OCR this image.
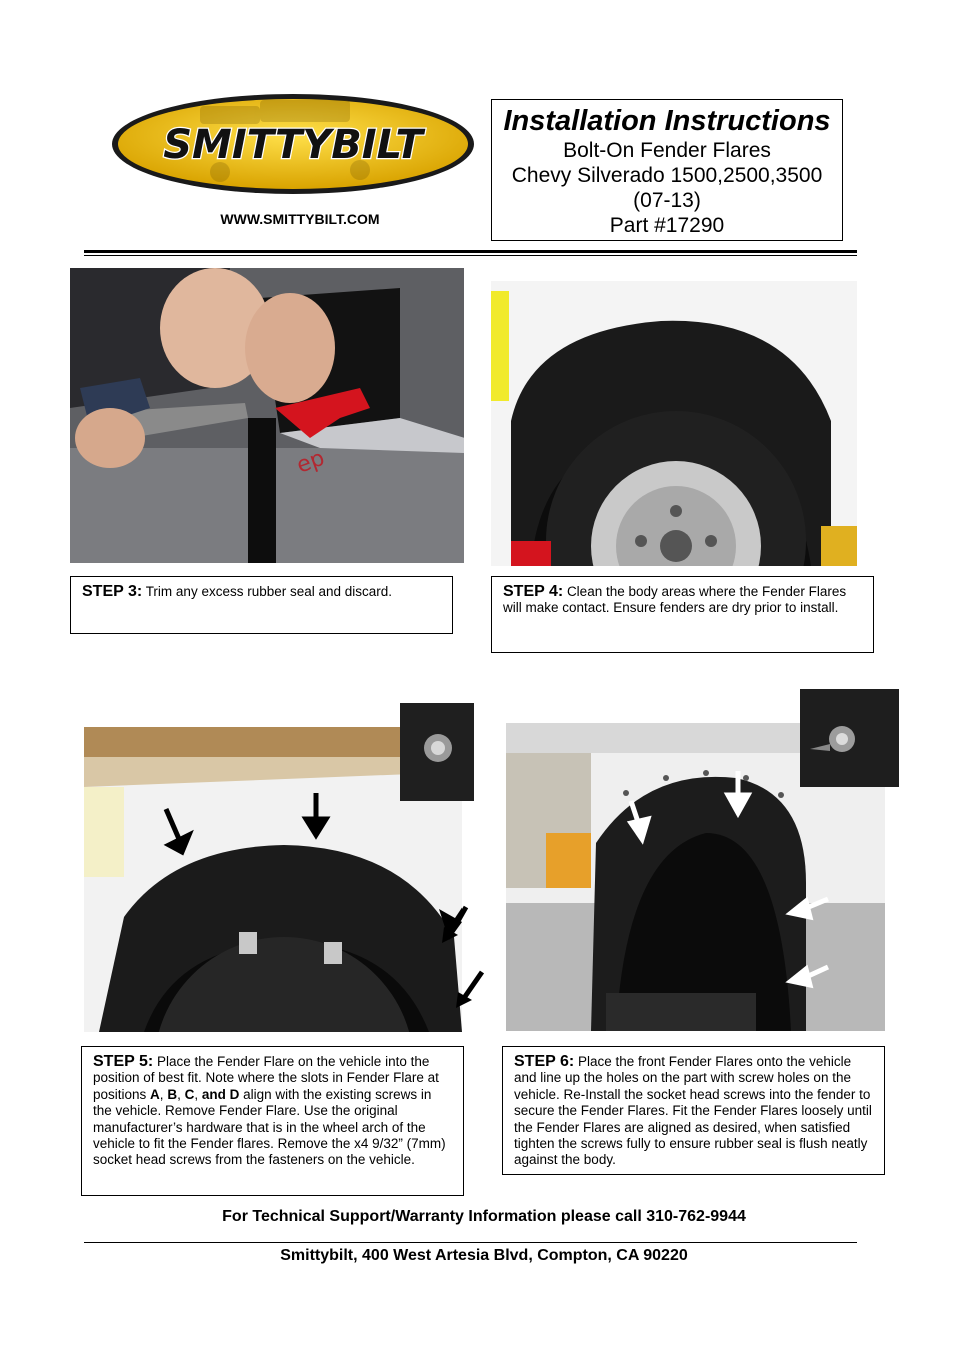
SMITTYBILT
WWW.SMITTYBILT.COM
Installation Instructions
Bolt-On Fender Flares
Chevy Silverado 1500,2500,3500
(07-13)
Part #17290
ep
STEP 3: Trim any excess rubber seal and discard.	STEP 4: Clean the body areas where the Fender Flares will make contact. Ensure fenders are dry prior to install.
STEP 5: Place the Fender Flare on the vehicle into the position of best fit. Note where the slots in Fender Flare at positions A, B, C, and D align with the existing screws in the vehicle. Remove Fender Flare. Use the original manufacturer’s hardware that is in the wheel arch of the vehicle to fit the Fender flares. Remove the x4 9/32” (7mm) socket head screws from the fasteners on the vehicle.
STEP 6: Place the front Fender Flares onto the vehicle and line up the holes on the part with screw holes on the vehicle. Re-Install the socket head screws into the fender to secure the Fender Flares. Fit the Fender Flares loosely until the Fender Flares are aligned as desired, when satisfied tighten the screws fully to ensure rubber seal is flush neatly against the body.
For Technical Support/Warranty Information please call 310-762-9944
Smittybilt, 400 West Artesia Blvd, Compton, CA 90220
